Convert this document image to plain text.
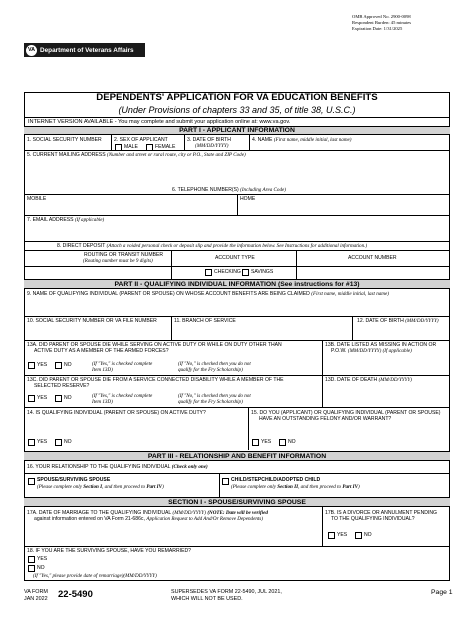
OMB Approved No. 2900-0098
Respondent Burden: 45 minutes
Expiration Date: 1/31/2025
VA Department of Veterans Affairs
DEPENDENTS' APPLICATION FOR VA EDUCATION BENEFITS
(Under Provisions of chapters 33 and 35, of title 38, U.S.C.)
INTERNET VERSION AVAILABLE - You may complete and submit your application online at: www.va.gov.
PART I - APPLICANT INFORMATION
1. SOCIAL SECURITY NUMBER 2. SEX OF APPLICANT
MALE	FEMALE
3. DATE OF BIRTH
(MM/DD/YYYY)
4. NAME (First name, middle initial, last name)
5. CURRENT MAILING ADDRESS (Number and street or rural route, city or P.O., State and ZIP Code)
6. TELEPHONE NUMBER(S) (Including Area Code)
MOBILE	HOME
7. EMAIL ADDRESS (If applicable)
8. DIRECT DEPOSIT (Attach a voided personal check or deposit slip and provide the information below. See Instructions for additional information.)
ROUTING OR TRANSIT NUMBER
(Routing number must be 9 digits)	ACCOUNT TYPE	ACCOUNT NUMBER
CHECKING SAVINGS
PART II - QUALIFYING INDIVIDUAL INFORMATION (See instructions for #13)
9. NAME OF QUALIFYING INDIVIDUAL (PARENT OR SPOUSE) ON WHOSE ACCOUNT BENEFITS ARE BEING CLAIMED (First name, middle initial, last name)
10. SOCIAL SECURITY NUMBER OR VA FILE NUMBER	11. BRANCH OF SERVICE	12. DATE OF BIRTH (MM/DD/YYYY)
13A. DID PARENT OR SPOUSE DIE WHILE SERVING ON ACTIVE DUTY OR WHILE ON DUTY OTHER THAN
ACTIVE DUTY AS A MEMBER OF THE ARMED FORCES?
13B. DATE LISTED AS MISSING IN ACTION OR
P.O.W. (MM/DD/YYYY) (If applicable)
YES	NO	(If "Yes," is checked complete
Item 13D)
(If "No," is checked then you do not
qualify for the Fry Scholarship)
13C. DID PARENT OR SPOUSE DIE FROM A SERVICE CONNECTED DISABILITY WHILE A MEMBER OF THE
SELECTED RESERVE?
13D. DATE OF DEATH (MM/DD/YYYY)
YES	NO	(If "Yes," is checked complete
Item 13D)
(If "No," is checked then you do not
qualify for the Fry Scholarship)
14. IS QUALIFYING INDIVIDUAL (PARENT OR SPOUSE) ON ACTIVE DUTY?	15. DO YOU (APPLICANT) OR QUALIFYING INDIVIDUAL (PARENT OR SPOUSE)
HAVE AN OUTSTANDING FELONY AND/OR WARRANT?
YES	NO	YES	NO
PART III - RELATIONSHIP AND BENEFIT INFORMATION
16. YOUR RELATIONSHIP TO THE QUALIFYING INDIVIDUAL (Check only one)
SPOUSE/SURVIVING SPOUSE
(Please complete only Section I, and then proceed to Part IV)
CHILD/STEPCHILD/ADOPTED CHILD
(Please complete only Section II, and then proceed to Part IV)
SECTION I - SPOUSE/SURVIVING SPOUSE
17A. DATE OF MARRIAGE TO THE QUALIFYING INDIVIDUAL (MM/DD/YYYY) (NOTE: Date will be verified
against information entered on VA Form 21-686c, Application Request to Add And/Or Remove Dependents)
17B. IS A DIVORCE OR ANNULMENT PENDING
TO THE QUALIFYING INDIVIDUAL?
YES	NO
18. IF YOU ARE THE SURVIVING SPOUSE, HAVE YOU REMARRIED?
YES
NO
(If "Yes," please provide date of remarriage)(MM/DD/YYYY)
VA FORM
JAN 2022 22-5490	SUPERSEDES VA FORM 22-5490, JUL 2021,
WHICH WILL NOT BE USED.
Page 1
